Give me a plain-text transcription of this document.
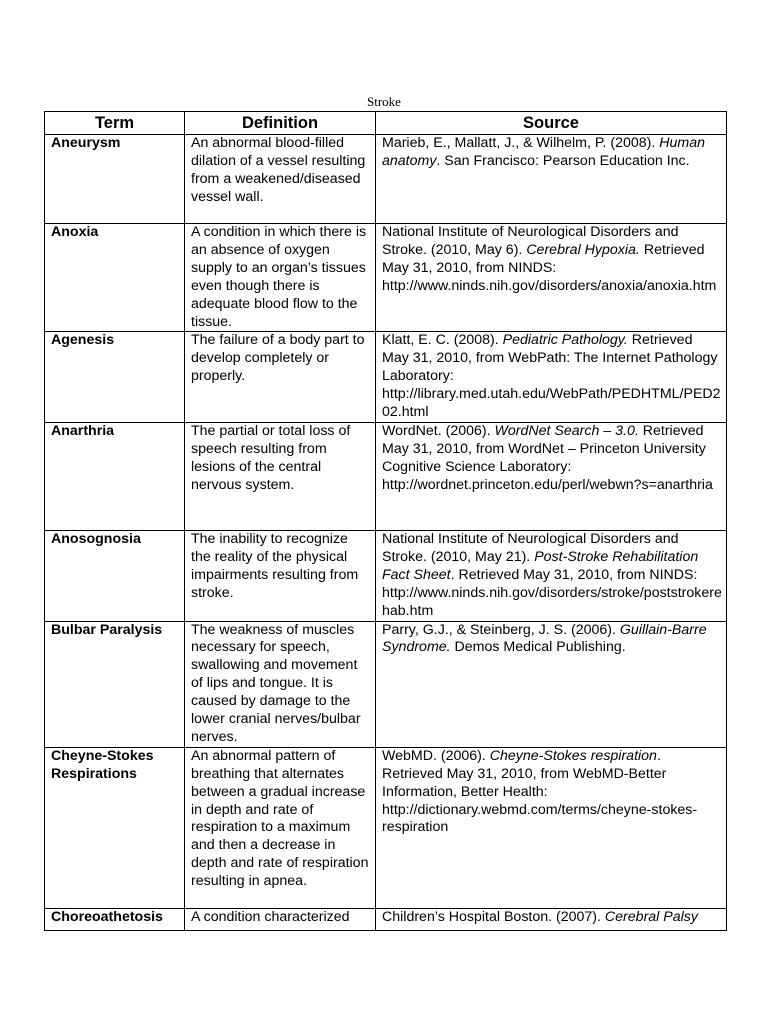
Stroke
Term	Definition	Source
Aneurysm	An abnormal blood-filled dilation of a vessel resulting from a weakened/diseased vessel wall.	Marieb, E., Mallatt, J., & Wilhelm, P. (2008). Human anatomy. San Francisco: Pearson Education Inc.
Anoxia	A condition in which there is an absence of oxygen supply to an organ’s tissues even though there is adequate blood flow to the tissue.	National Institute of Neurological Disorders and Stroke. (2010, May 6). Cerebral Hypoxia. Retrieved May 31, 2010, from NINDS: http://www.ninds.nih.gov/disorders/anoxia/anoxia.htm
Agenesis	The failure of a body part to develop completely or properly.	Klatt, E. C. (2008). Pediatric Pathology. Retrieved May 31, 2010, from WebPath: The Internet Pathology Laboratory: http://library.med.utah.edu/WebPath/PEDHTML/PED202.html
Anarthria	The partial or total loss of speech resulting from lesions of the central nervous system.	WordNet. (2006). WordNet Search – 3.0. Retrieved May 31, 2010, from WordNet – Princeton University Cognitive Science Laboratory: http://wordnet.princeton.edu/perl/webwn?s=anarthria
Anosognosia	The inability to recognize the reality of the physical impairments resulting from stroke.	National Institute of Neurological Disorders and Stroke. (2010, May 21). Post-Stroke Rehabilitation Fact Sheet. Retrieved May 31, 2010, from NINDS: http://www.ninds.nih.gov/disorders/stroke/poststrokerehab.htm
Bulbar Paralysis	The weakness of muscles necessary for speech, swallowing and movement of lips and tongue. It is caused by damage to the lower cranial nerves/bulbar nerves.	Parry, G.J., & Steinberg, J. S. (2006). Guillain-Barre Syndrome. Demos Medical Publishing.
Cheyne-Stokes Respirations	An abnormal pattern of breathing that alternates between a gradual increase in depth and rate of respiration to a maximum and then a decrease in depth and rate of respiration resulting in apnea.	WebMD. (2006). Cheyne-Stokes respiration. Retrieved May 31, 2010, from WebMD-Better Information, Better Health: http://dictionary.webmd.com/terms/cheyne-stokes-respiration
Choreoathetosis	A condition characterized	Children’s Hospital Boston. (2007). Cerebral Palsy
